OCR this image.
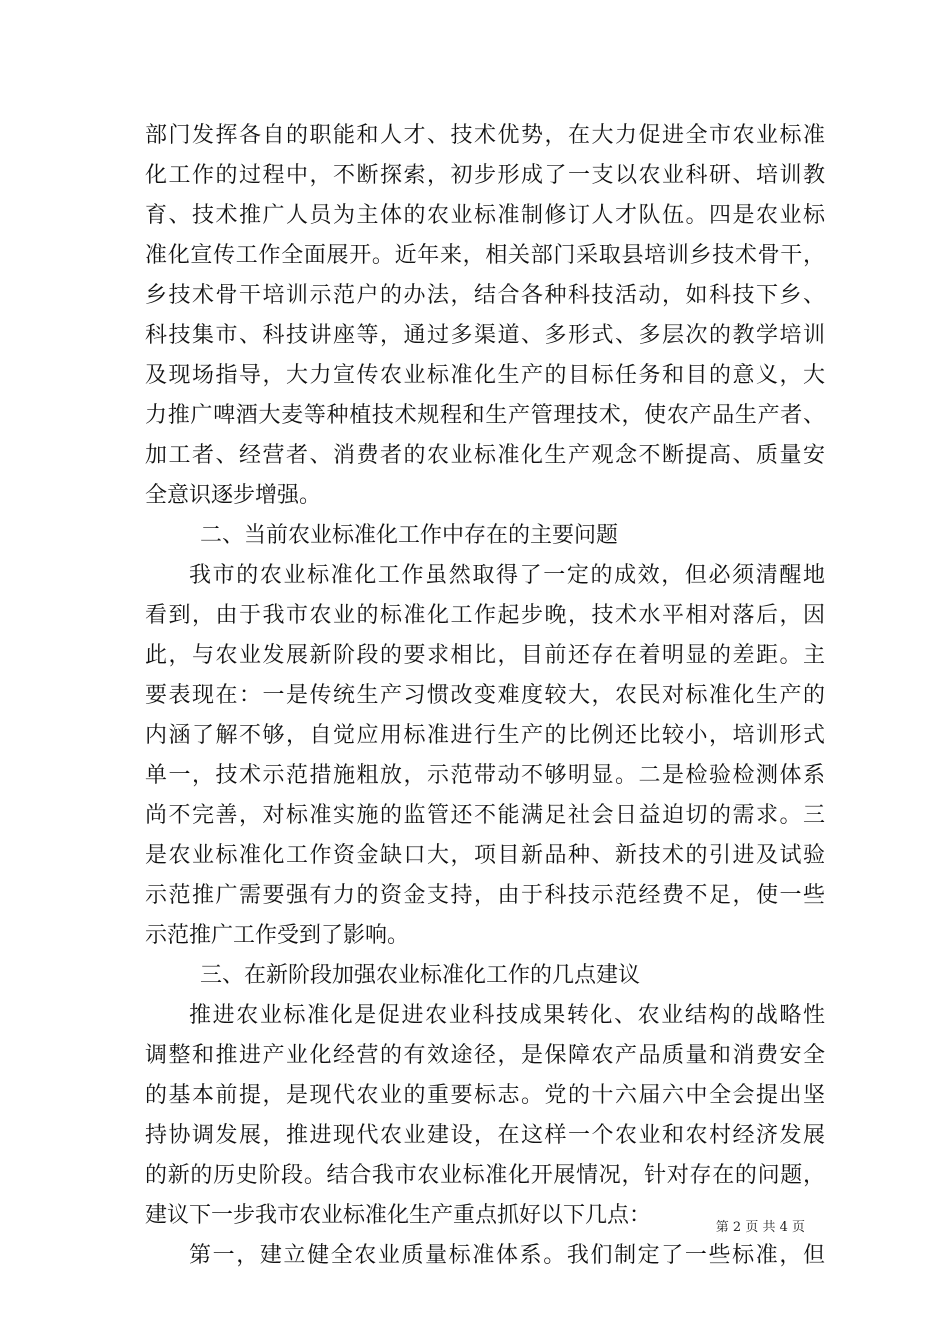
部门发挥各自的职能和人才、技术优势，在大力促进全市农业标准
化工作的过程中，不断探索，初步形成了一支以农业科研、培训教
育、技术推广人员为主体的农业标准制修订人才队伍。四是农业标
准化宣传工作全面展开。近年来，相关部门采取县培训乡技术骨干，
乡技术骨干培训示范户的办法，结合各种科技活动，如科技下乡、
科技集市、科技讲座等，通过多渠道、多形式、多层次的教学培训
及现场指导，大力宣传农业标准化生产的目标任务和目的意义，大
力推广啤酒大麦等种植技术规程和生产管理技术，使农产品生产者、
加工者、经营者、消费者的农业标准化生产观念不断提高、质量安
全意识逐步增强。
二、当前农业标准化工作中存在的主要问题
我市的农业标准化工作虽然取得了一定的成效，但必须清醒地
看到，由于我市农业的标准化工作起步晚，技术水平相对落后，因
此，与农业发展新阶段的要求相比，目前还存在着明显的差距。主
要表现在：一是传统生产习惯改变难度较大，农民对标准化生产的
内涵了解不够，自觉应用标准进行生产的比例还比较小，培训形式
单一，技术示范措施粗放，示范带动不够明显。二是检验检测体系
尚不完善，对标准实施的监管还不能满足社会日益迫切的需求。三
是农业标准化工作资金缺口大，项目新品种、新技术的引进及试验
示范推广需要强有力的资金支持，由于科技示范经费不足，使一些
示范推广工作受到了影响。
三、在新阶段加强农业标准化工作的几点建议
推进农业标准化是促进农业科技成果转化、农业结构的战略性
调整和推进产业化经营的有效途径，是保障农产品质量和消费安全
的基本前提，是现代农业的重要标志。党的十六届六中全会提出坚
持协调发展，推进现代农业建设，在这样一个农业和农村经济发展
的新的历史阶段。结合我市农业标准化开展情况，针对存在的问题，
建议下一步我市农业标准化生产重点抓好以下几点：
第一，建立健全农业质量标准体系。我们制定了一些标准，但
第 2 页 共 4 页
